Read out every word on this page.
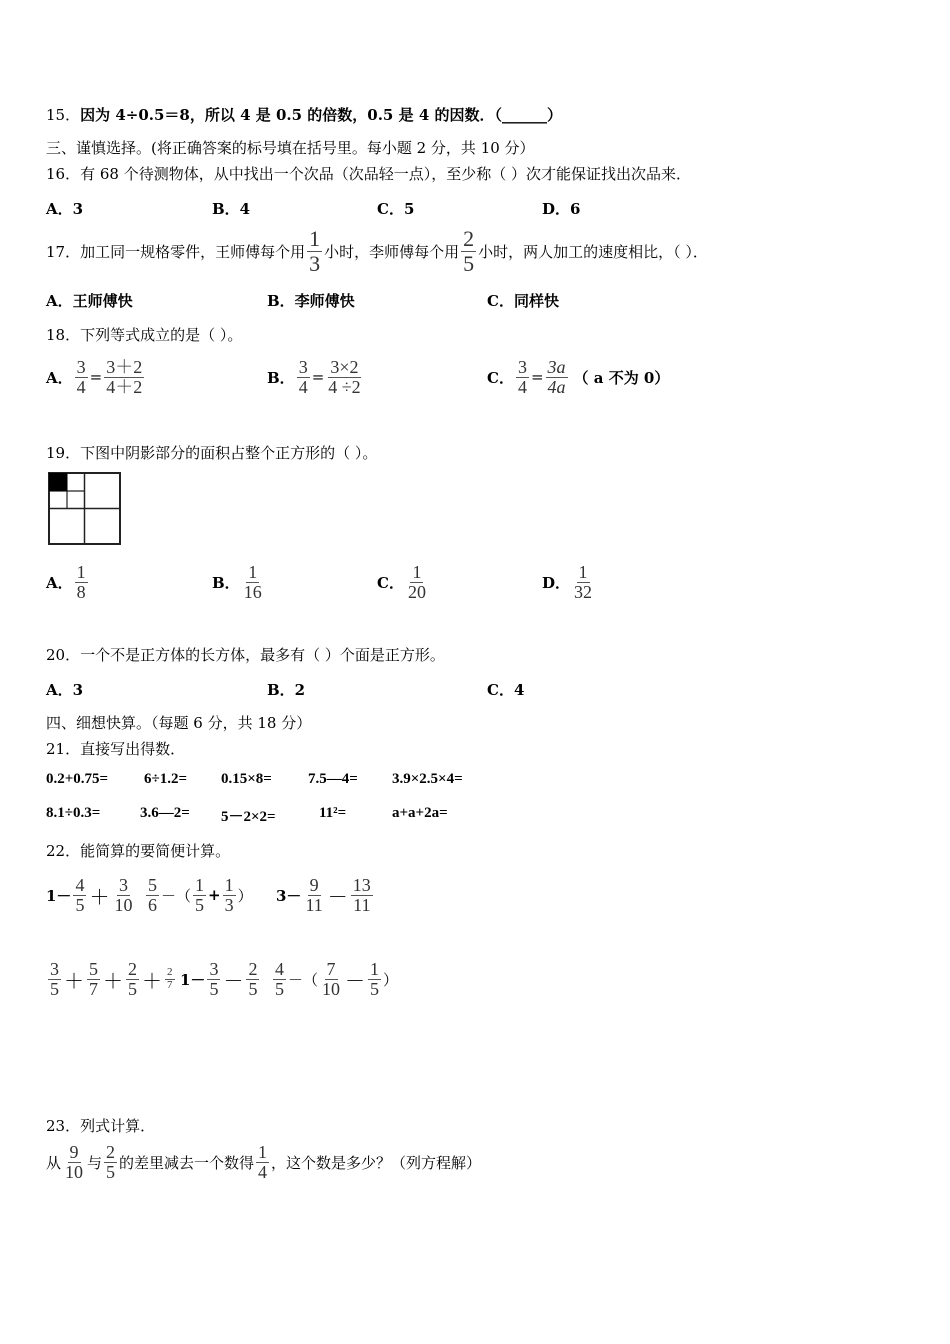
15．因为 4÷0.5＝8，所以 4 是 0.5 的倍数，0.5 是 4 的因数．（______）
三、谨慎选择。(将正确答案的标号填在括号里。每小题 2 分，共 10 分）
16．有 68 个待测物体，从中找出一个次品（次品轻一点），至少称（ ）次才能保证找出次品来．
A．3	B．4	C．5	D．6
17． 加工同一规格零件，王师傅每个用 $\frac{1}{3}$ 小时，李师傅每个用 $\frac{2}{5}$ 小时，两人加工的速度相比，（ ）．
A．王师傅快	B．李师傅快	C．同样快
18．下列等式成立的是（ ）。
A． $\frac{3}{4} = \frac{3+2}{4+2}$	B． $\frac{3}{4} = \frac{3\times 2}{4 \div 2}$	C． $\frac{3}{4} = \frac{3a}{4a}$ （ a 不为 0）
19．下图中阴影部分的面积占整个正方形的（ ）。
A． $\frac{1}{8}$	B． $\frac{1}{16}$	C． $\frac{1}{20}$	D． $\frac{1}{32}$
20．一个不是正方体的长方体，最多有（ ）个面是正方形。
A．3	B．2	C．4
四、细想快算。（每题 6 分，共 18 分）
21．直接写出得数．
0.2+0.75= 6÷1.2= 0.15×8= 7.5—4= 3.9×2.5×4=
8.1÷0.3=	3.6—2= 5－2×2=	11²=	a+a+2a=
22．能简算的要简便计算。
$1- \frac{4}{5} + \frac{3}{10} \frac{5}{6}$ －（ $\frac{1}{5} + \frac{1}{3}$ ） $3- \frac{9}{11} - \frac{13}{11}$
$\frac{3}{5} + \frac{5}{7} + \frac{2}{5} + \frac{2}{7} 1- \frac{3}{5} - \frac{2}{5} \frac{4}{5}$ －（ $\frac{7}{10} - \frac{1}{5}$ ）
23．列式计算．
从 $\frac{9}{10}$ 与 $\frac{2}{5}$ 的差里减去一个数得 $\frac{1}{4}$ ，这个数是多少？（列方程解）
